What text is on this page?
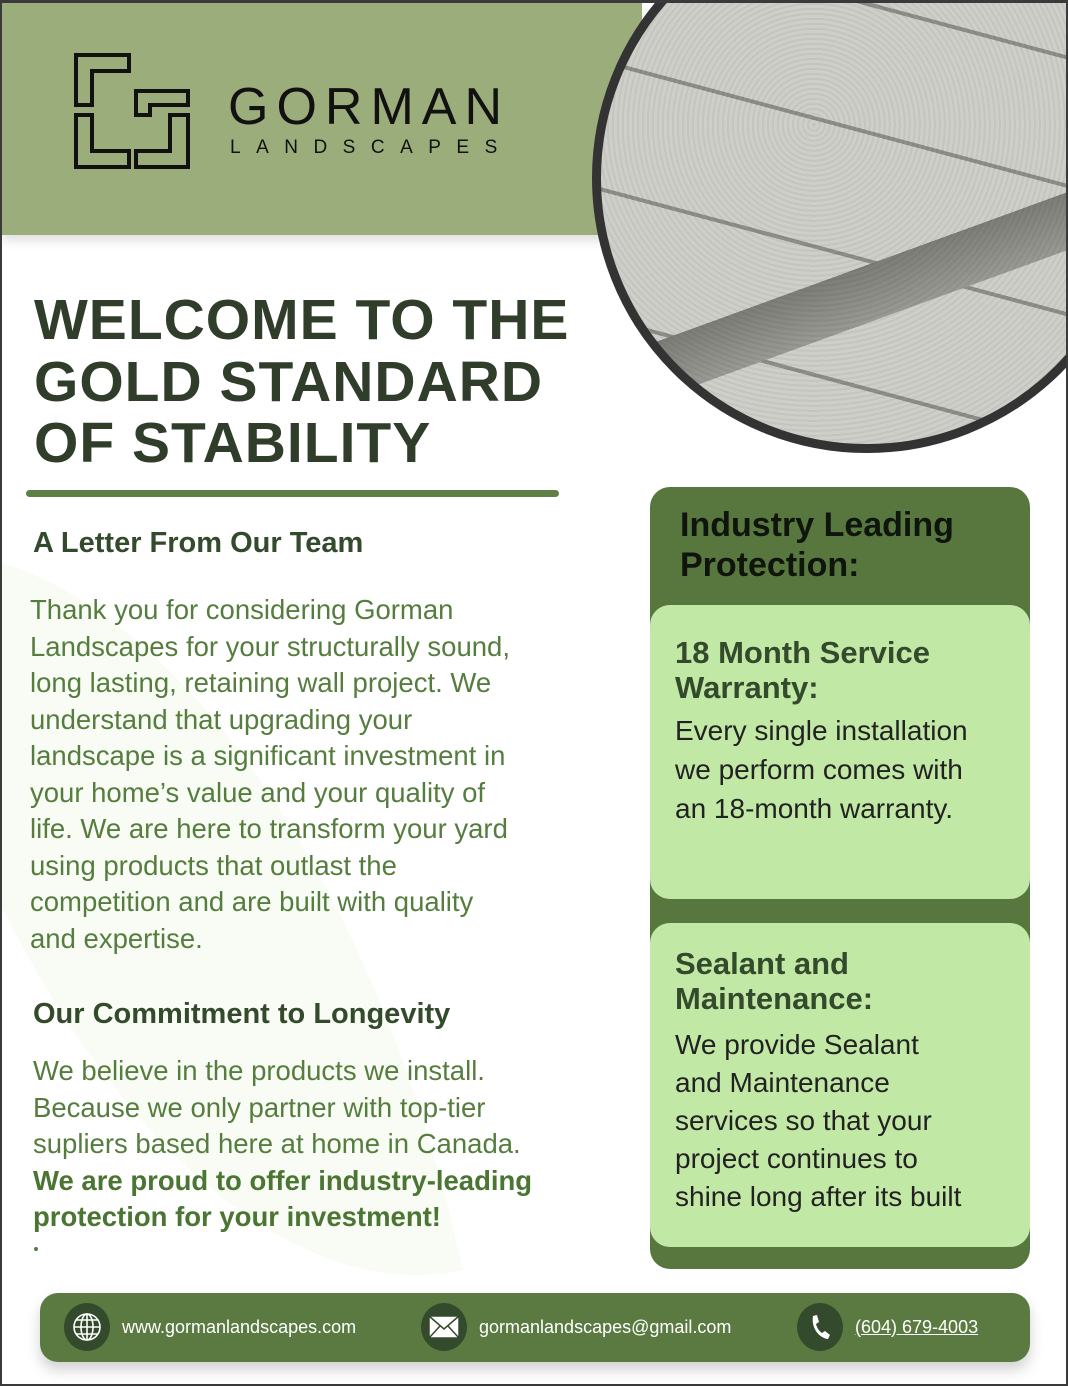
GORMAN
LANDSCAPES
WELCOME TO THE
GOLD STANDARD
OF STABILITY
A Letter From Our Team
Thank you for considering Gorman
Landscapes for your structurally sound,
long lasting, retaining wall project. We
understand that upgrading your
landscape is a significant investment in
your home’s value and your quality of
life. We are here to transform your yard
using products that outlast the
competition and are built with quality
and expertise.
Our Commitment to Longevity
We believe in the products we install.
Because we only partner with top-tier
supliers based here at home in Canada.
We are proud to offer industry-leading
protection for your investment!
Industry Leading Protection:
18 Month Service Warranty:
Every single installation
we perform comes with
an 18-month warranty.
Sealant and Maintenance:
We provide Sealant
and Maintenance
services so that your
project continues to
shine long after its built
www.gormanlandscapes.com	gormanlandscapes@gmail.com	(604) 679-4003
